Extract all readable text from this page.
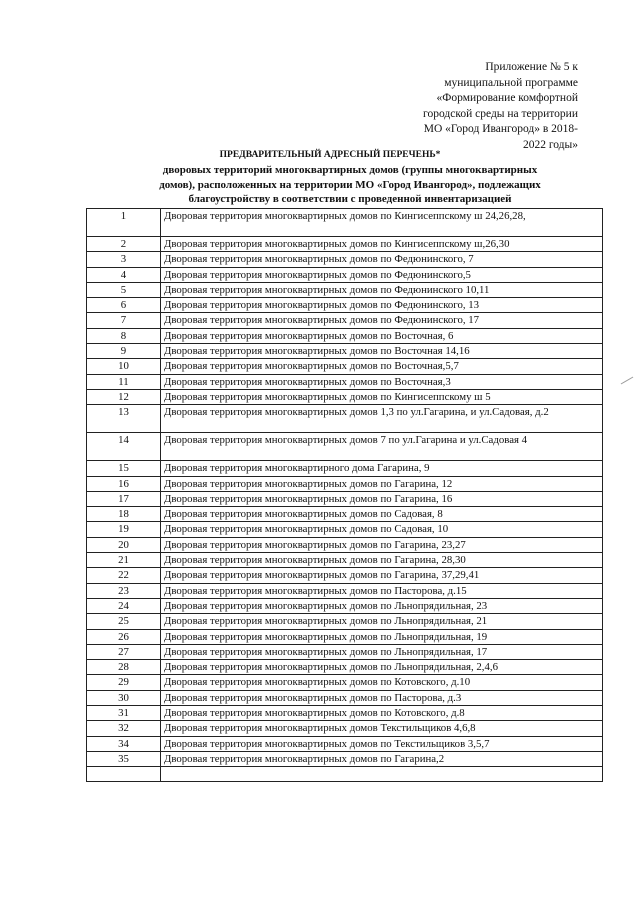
Приложение № 5 к
муниципальной программе
«Формирование комфортной
городской среды на территории
МО «Город Ивангород» в 2018-
2022 годы»
ПРЕДВАРИТЕЛЬНЫЙ АДРЕСНЫЙ ПЕРЕЧЕНЬ*
дворовых территорий многоквартирных домов (группы многоквартирных
домов), расположенных на территории МО «Город Ивангород», подлежащих
благоустройству в соответствии с проведенной инвентаризацией
1	Дворовая территория многоквартирных домов по Кингисеппскому ш 24,26,28,
2	Дворовая территория многоквартирных домов по Кингисеппскому ш,26,30
3	Дворовая территория многоквартирных домов по Федюнинского, 7
4	Дворовая территория многоквартирных домов по Федюнинского,5
5	Дворовая территория многоквартирных домов по Федюнинского 10,11
6	Дворовая территория многоквартирных домов по Федюнинского, 13
7	Дворовая территория многоквартирных домов по Федюнинского, 17
8	Дворовая территория многоквартирных домов по Восточная, 6
9	Дворовая территория многоквартирных домов по Восточная 14,16
10	Дворовая территория многоквартирных домов по Восточная,5,7
11	Дворовая территория многоквартирных домов по Восточная,3
12	Дворовая территория многоквартирных домов по Кингисеппскому ш 5
13	Дворовая территория многоквартирных домов 1,3 по ул.Гагарина, и ул.Садовая, д.2
14	Дворовая территория многоквартирных домов 7 по ул.Гагарина и ул.Садовая 4
15	Дворовая территория многоквартирного дома Гагарина, 9
16	Дворовая территория многоквартирных домов по Гагарина, 12
17	Дворовая территория многоквартирных домов по Гагарина, 16
18	Дворовая территория многоквартирных домов по Садовая, 8
19	Дворовая территория многоквартирных домов по Садовая, 10
20	Дворовая территория многоквартирных домов по Гагарина, 23,27
21	Дворовая территория многоквартирных домов по Гагарина, 28,30
22	Дворовая территория многоквартирных домов по Гагарина, 37,29,41
23	Дворовая территория многоквартирных домов по Пасторова, д.15
24	Дворовая территория многоквартирных домов по Льнопрядильная, 23
25	Дворовая территория многоквартирных домов по Льнопрядильная, 21
26	Дворовая территория многоквартирных домов по Льнопрядильная, 19
27	Дворовая территория многоквартирных домов по Льнопрядильная, 17
28	Дворовая территория многоквартирных домов по Льнопрядильная, 2,4,6
29	Дворовая территория многоквартирных домов по Котовского, д.10
30	Дворовая территория многоквартирных домов по Пасторова, д.3
31	Дворовая территория многоквартирных домов по Котовского, д.8
32	Дворовая территория многоквартирных домов Текстильщиков 4,6,8
34	Дворовая территория многоквартирных домов по Текстильщиков 3,5,7
35	Дворовая территория многоквартирных домов по Гагарина,2
